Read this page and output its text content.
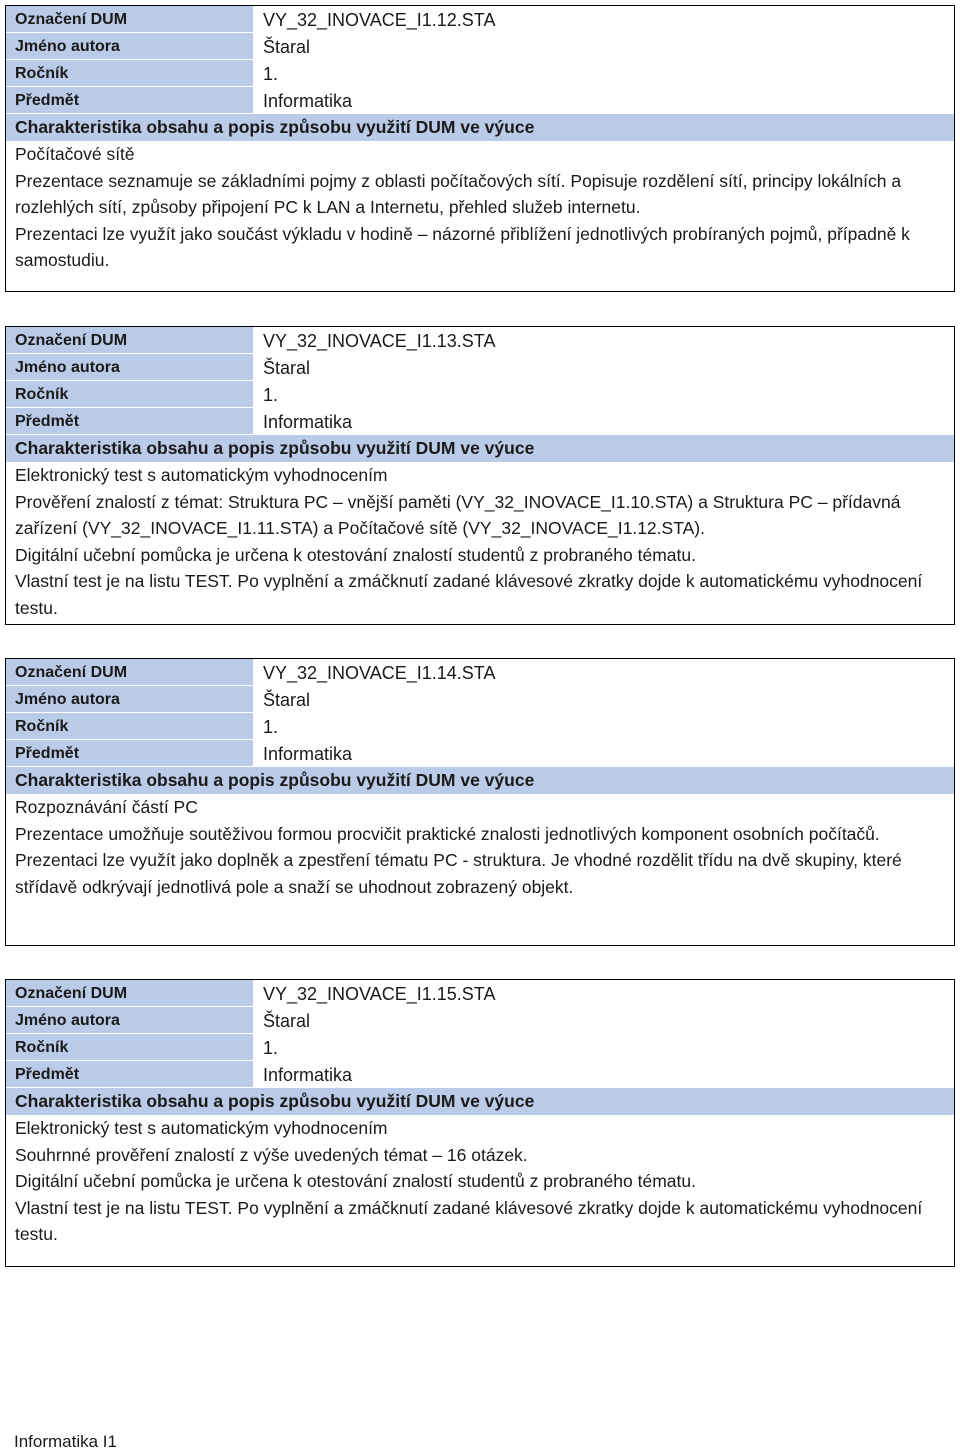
Označení DUM	VY_32_INOVACE_I1.12.STA
Jméno autora	Štaral
Ročník	1.
Předmět	Informatika
Charakteristika obsahu a popis způsobu využití DUM ve výuce

Počítačové sítě

Prezentace seznamuje se základními pojmy z oblasti počítačových sítí. Popisuje rozdělení sítí, principy lokálních a rozlehlých sítí, způsoby připojení PC k LAN a Internetu, přehled služeb internetu.

Prezentaci lze využít jako součást výkladu v hodině – názorné přiblížení jednotlivých probíraných pojmů, případně k samostudiu.

Označení DUM	VY_32_INOVACE_I1.13.STA
Jméno autora	Štaral
Ročník	1.
Předmět	Informatika
Charakteristika obsahu a popis způsobu využití DUM ve výuce

Elektronický test s automatickým vyhodnocením

Prověření znalostí z témat: Struktura PC – vnější paměti (VY_32_INOVACE_I1.10.STA) a Struktura PC – přídavná zařízení (VY_32_INOVACE_I1.11.STA) a Počítačové sítě (VY_32_INOVACE_I1.12.STA).

Digitální učební pomůcka je určena k otestování znalostí studentů z probraného tématu.

Vlastní test je na listu TEST. Po vyplnění a zmáčknutí zadané klávesové zkratky dojde k automatickému vyhodnocení testu.

Označení DUM	VY_32_INOVACE_I1.14.STA
Jméno autora	Štaral
Ročník	1.
Předmět	Informatika
Charakteristika obsahu a popis způsobu využití DUM ve výuce

Rozpoznávání částí PC

Prezentace umožňuje soutěživou formou procvičit praktické znalosti jednotlivých komponent osobních počítačů.

Prezentaci lze využít jako doplněk a zpestření tématu PC - struktura. Je vhodné rozdělit třídu na dvě skupiny, které střídavě odkrývají jednotlivá pole a snaží se uhodnout zobrazený objekt.

Označení DUM	VY_32_INOVACE_I1.15.STA
Jméno autora	Štaral
Ročník	1.
Předmět	Informatika
Charakteristika obsahu a popis způsobu využití DUM ve výuce

Elektronický test s automatickým vyhodnocením

Souhrnné prověření znalostí z výše uvedených témat – 16 otázek.

Digitální učební pomůcka je určena k otestování znalostí studentů z probraného tématu.

Vlastní test je na listu TEST. Po vyplnění a zmáčknutí zadané klávesové zkratky dojde k automatickému vyhodnocení testu.

Informatika I1
